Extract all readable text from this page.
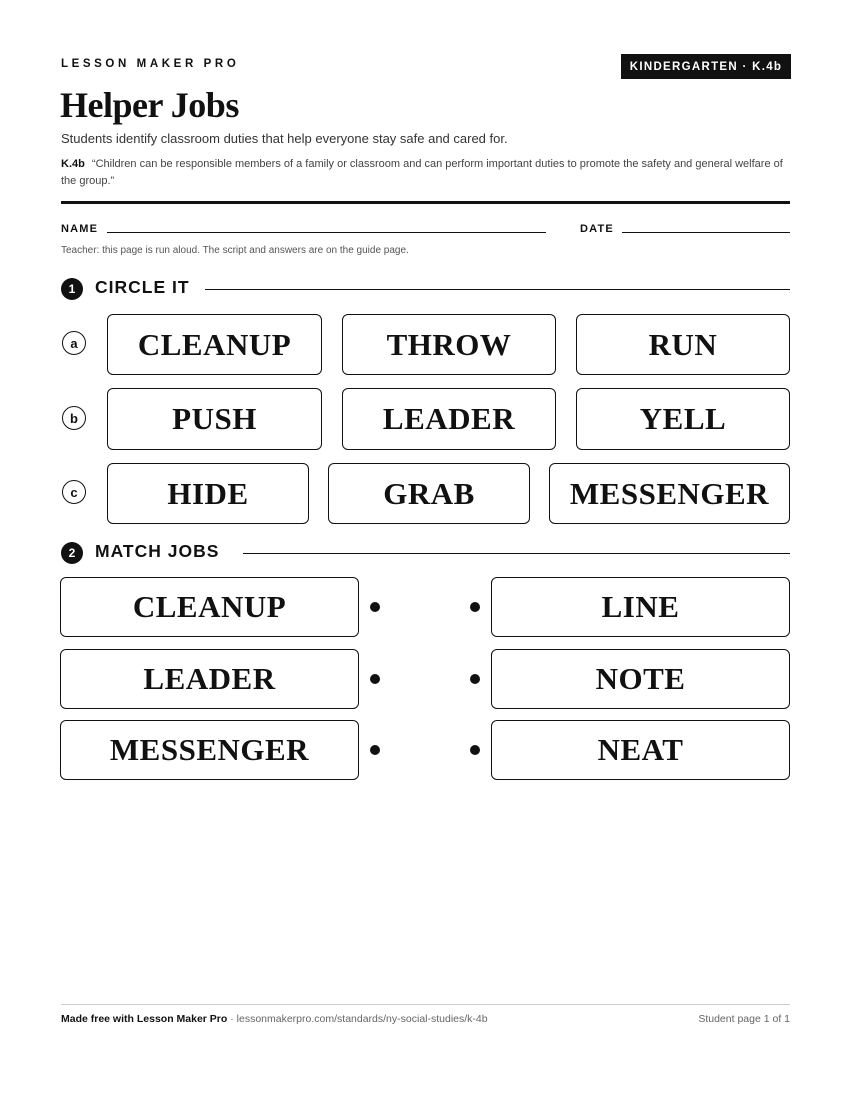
LESSON MAKER PRO	KINDERGARTEN · K.4b
Helper Jobs
Students identify classroom duties that help everyone stay safe and cared for.
K.4b “Children can be responsible members of a family or classroom and can perform important duties to promote the safety and general welfare of the group.”
NAME	DATE
Teacher: this page is run aloud. The script and answers are on the guide page.
1	CIRCLE IT
a	CLEANUP	THROW	RUN
b	PUSH	LEADER	YELL
c	HIDE	GRAB	MESSENGER
2	MATCH JOBS
CLEANUP	LINE
LEADER	NOTE
MESSENGER	NEAT
Made free with Lesson Maker Pro · lessonmakerpro.com/standards/ny-social-studies/k-4b	Student page 1 of 1
